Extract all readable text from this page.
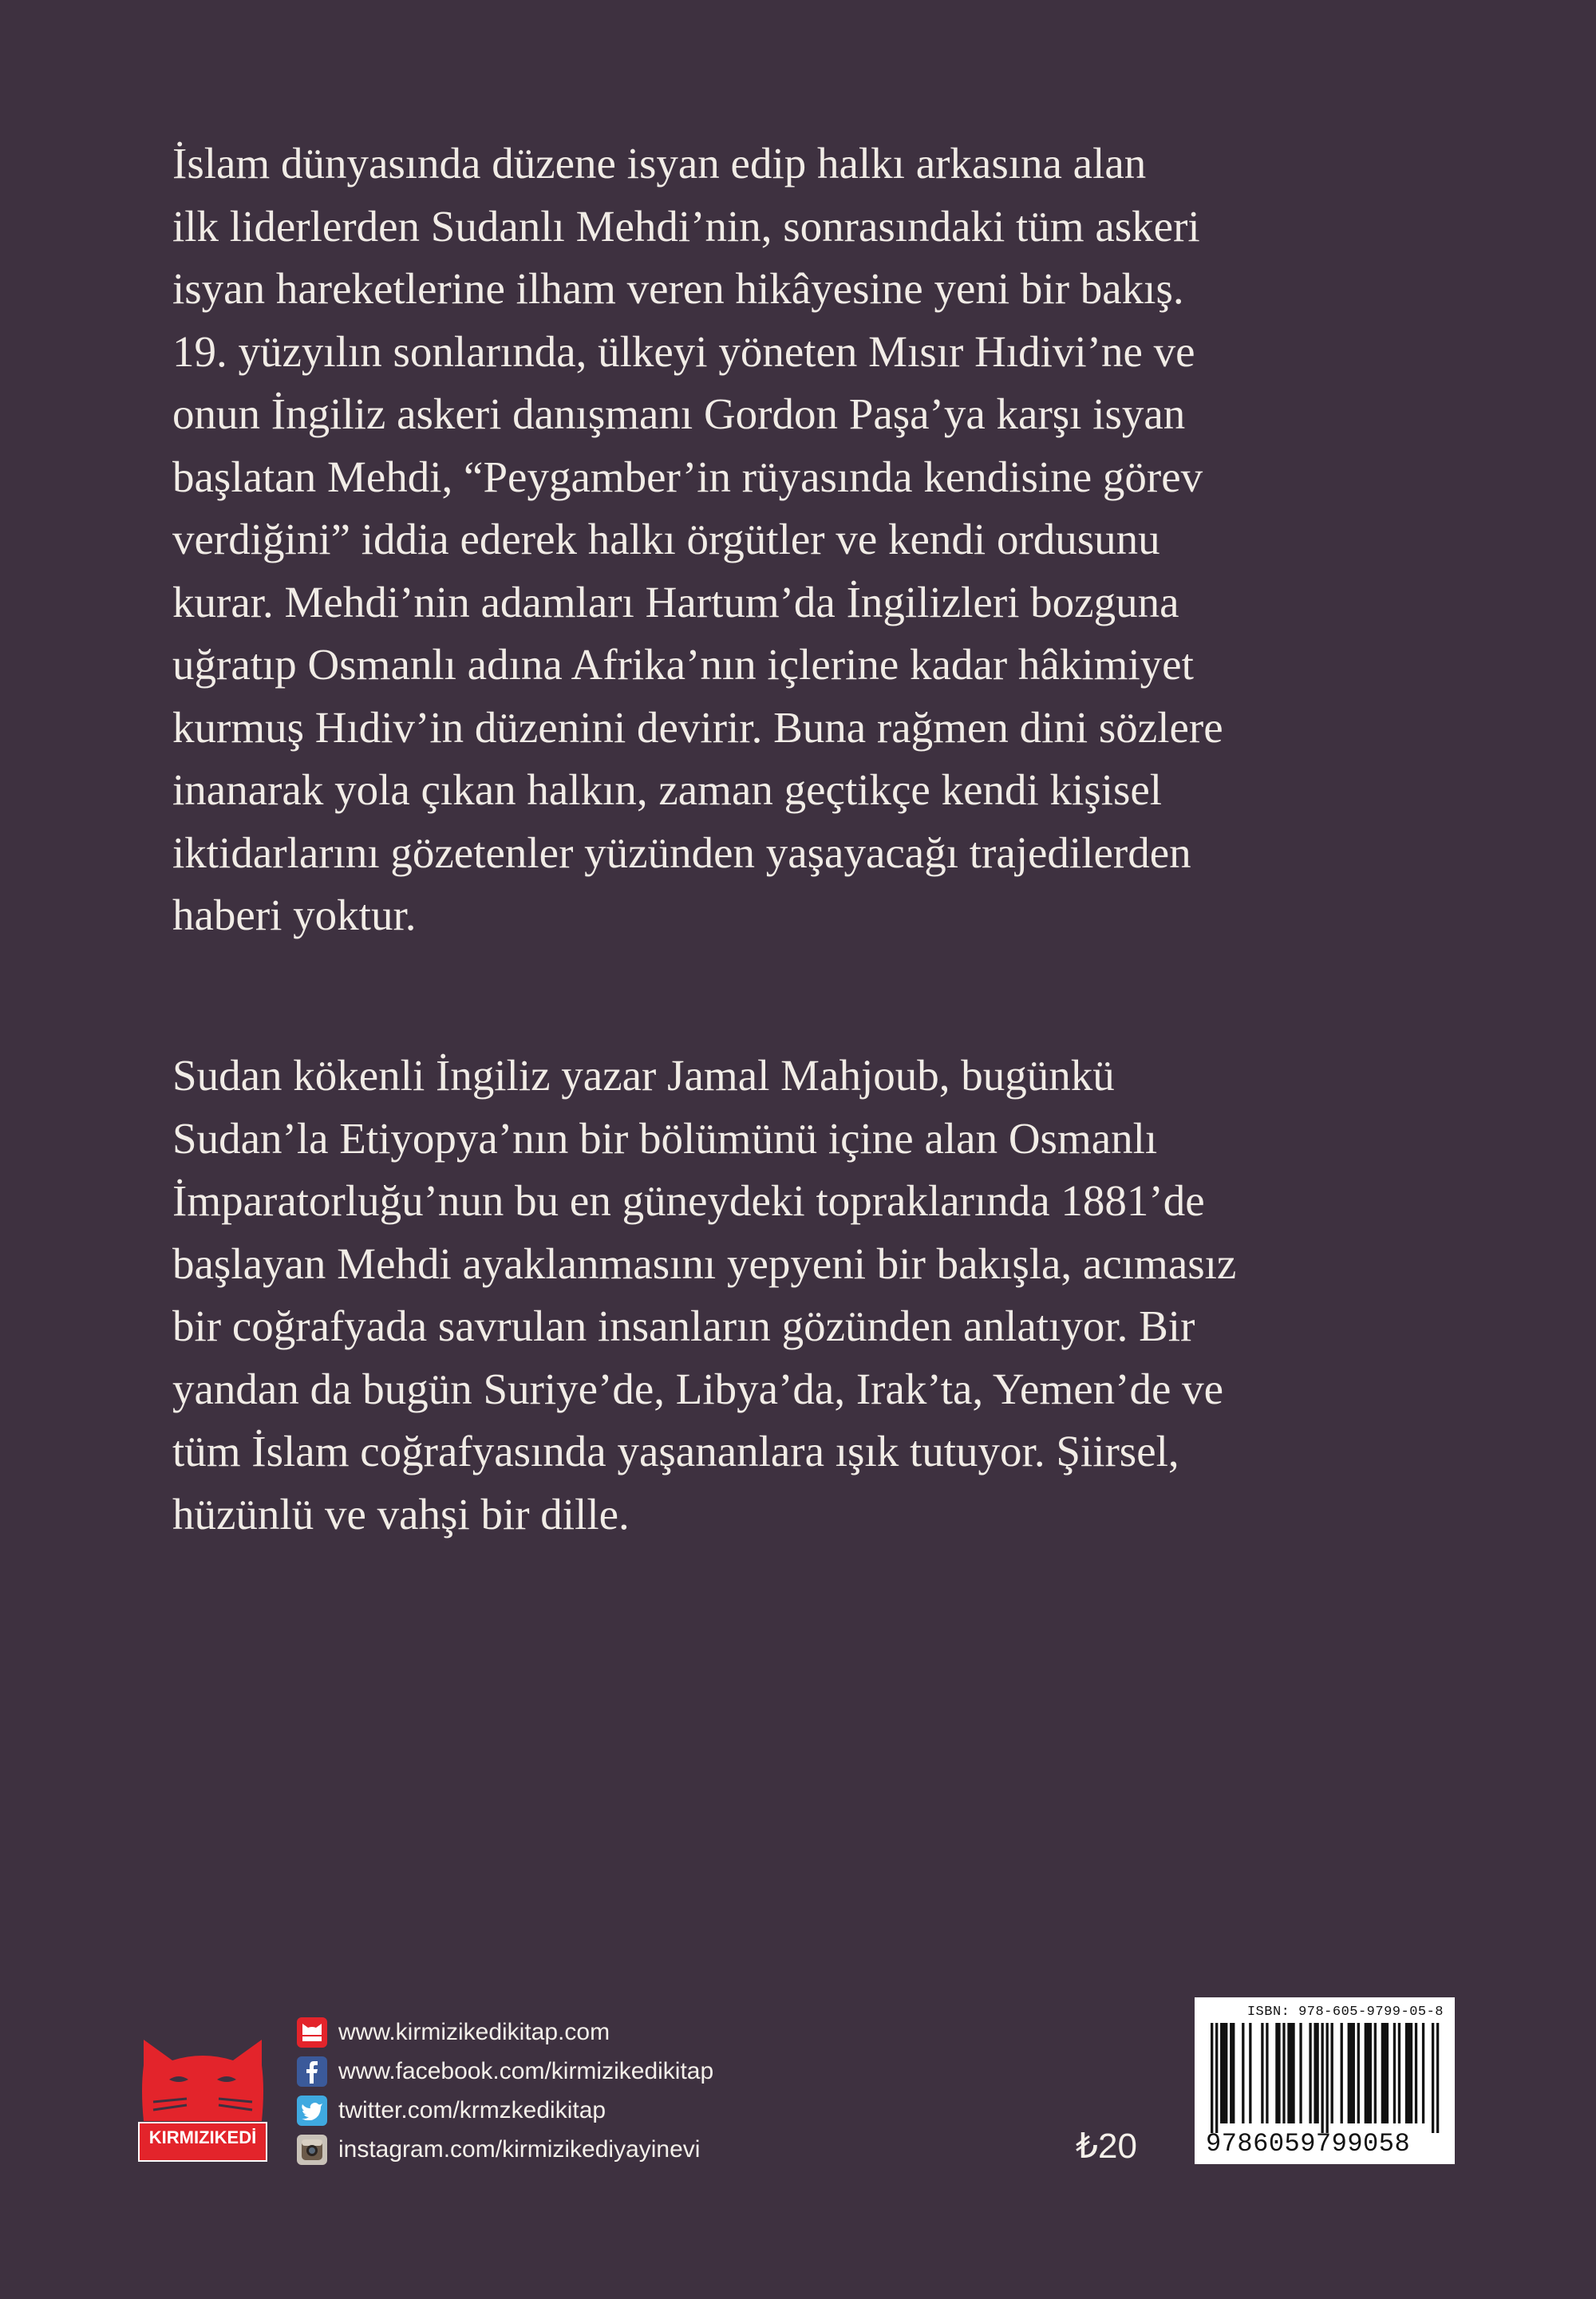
İslam dünyasında düzene isyan edip halkı arkasına alan
ilk liderlerden Sudanlı Mehdi’nin, sonrasındaki tüm askeri
isyan hareketlerine ilham veren hikâyesine yeni bir bakış.
19. yüzyılın sonlarında, ülkeyi yöneten Mısır Hıdivi’ne ve
onun İngiliz askeri danışmanı Gordon Paşa’ya karşı isyan
başlatan Mehdi, “Peygamber’in rüyasında kendisine görev
verdiğini” iddia ederek halkı örgütler ve kendi ordusunu
kurar. Mehdi’nin adamları Hartum’da İngilizleri bozguna
uğratıp Osmanlı adına Afrika’nın içlerine kadar hâkimiyet
kurmuş Hıdiv’in düzenini devirir. Buna rağmen dini sözlere
inanarak yola çıkan halkın, zaman geçtikçe kendi kişisel
iktidarlarını gözetenler yüzünden yaşayacağı trajedilerden
haberi yoktur.

Sudan kökenli İngiliz yazar Jamal Mahjoub, bugünkü
Sudan’la Etiyopya’nın bir bölümünü içine alan Osmanlı
İmparatorluğu’nun bu en güneydeki topraklarında 1881’de
başlayan Mehdi ayaklanmasını yepyeni bir bakışla, acımasız
bir coğrafyada savrulan insanların gözünden anlatıyor. Bir
yandan da bugün Suriye’de, Libya’da, Irak’ta, Yemen’de ve
tüm İslam coğrafyasında yaşananlara ışık tutuyor. Şiirsel,
hüzünlü ve vahşi bir dille.

KIRMIZIKEDİ
www.kirmizikedikitap.com
www.facebook.com/kirmizikedikitap
twitter.com/krmzkedikitap
instagram.com/kirmizikediyayinevi	₺20
ISBN: 978-605-9799-05-8
9786059799058
